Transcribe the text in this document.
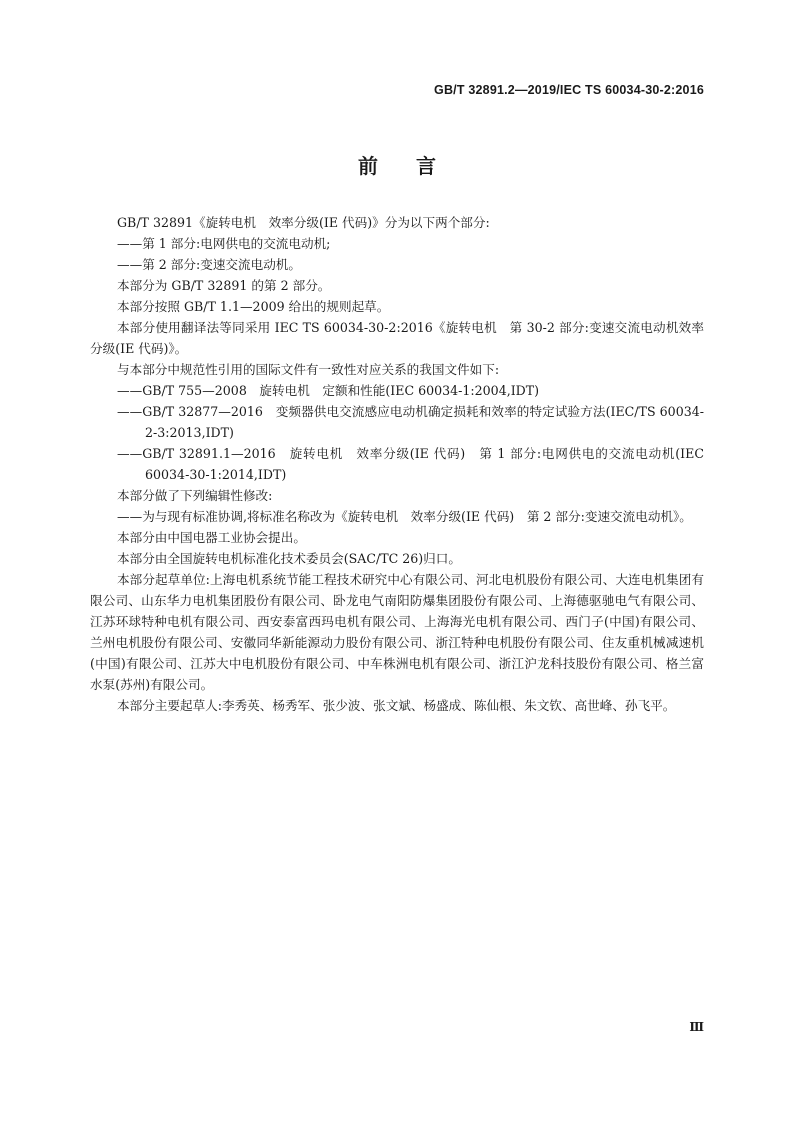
GB/T 32891.2—2019/IEC TS 60034-30-2:2016
前言

GB/T 32891《旋转电机　效率分级(IE 代码)》分为以下两个部分:

——第 1 部分:电网供电的交流电动机;

——第 2 部分:变速交流电动机。

本部分为 GB/T 32891 的第 2 部分。

本部分按照 GB/T 1.1—2009 给出的规则起草。

本部分使用翻译法等同采用 IEC TS 60034-30-2:2016《旋转电机　第 30-2 部分:变速交流电动机效率分级(IE 代码)》。

与本部分中规范性引用的国际文件有一致性对应关系的我国文件如下:

——GB/T 755—2008　旋转电机　定额和性能(IEC 60034-1:2004,IDT)

——GB/T 32877—2016　变频器供电交流感应电动机确定损耗和效率的特定试验方法(IEC/TS 60034-2-3:2013,IDT)

——GB/T 32891.1—2016　旋转电机　效率分级(IE 代码)　第 1 部分:电网供电的交流电动机(IEC 60034-30-1:2014,IDT)

本部分做了下列编辑性修改:

——为与现有标准协调,将标准名称改为《旋转电机　效率分级(IE 代码)　第 2 部分:变速交流电动机》。

本部分由中国电器工业协会提出。

本部分由全国旋转电机标准化技术委员会(SAC/TC 26)归口。

本部分起草单位:上海电机系统节能工程技术研究中心有限公司、河北电机股份有限公司、大连电机集团有限公司、山东华力电机集团股份有限公司、卧龙电气南阳防爆集团股份有限公司、上海德驱驰电气有限公司、江苏环球特种电机有限公司、西安泰富西玛电机有限公司、上海海光电机有限公司、西门子(中国)有限公司、兰州电机股份有限公司、安徽同华新能源动力股份有限公司、浙江特种电机股份有限公司、住友重机械减速机(中国)有限公司、江苏大中电机股份有限公司、中车株洲电机有限公司、浙江沪龙科技股份有限公司、格兰富水泵(苏州)有限公司。

本部分主要起草人:李秀英、杨秀军、张少波、张文斌、杨盛成、陈仙根、朱文钦、高世峰、孙飞平。

Ⅲ
